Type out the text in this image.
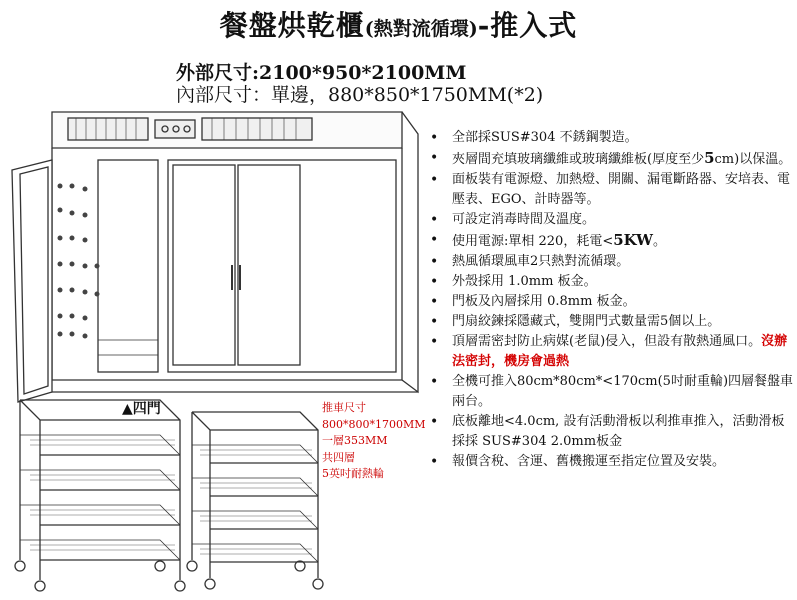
餐盤烘乾櫃(熱對流循環)-推入式
外部尺寸:2100*950*2100MM
內部尺寸：單邊，880*850*1750MM(*2)
▲四門	推車尺寸
800*800*1700MM
一層353MM
共四層
5英吋耐熱輪
• 全部採SUS#304 不銹鋼製造。
• 夾層間充填玻璃纖維或玻璃纖維板(厚度至少5cm)以保溫。
• 面板裝有電源燈、加熱燈、開關、漏電斷路器、安培表、電壓表、EGO、計時器等。
• 可設定消毒時間及溫度。
• 使用電源:單相 220，耗電<5KW。
• 熱風循環風車2只熱對流循環。
• 外殼採用 1.0mm 板金。
• 門板及內層採用 0.8mm 板金。
• 門扇絞鍊採隱藏式，雙開門式數量需5個以上。
• 頂層需密封防止病媒(老鼠)侵入，但設有散熱通風口。沒辦法密封，機房會過熱
• 全機可推入80cm*80cm*<170cm(5吋耐重輪)四層餐盤車兩台。
• 底板離地<4.0cm, 設有活動滑板以利推車推入，活動滑板採採 SUS#304 2.0mm板金
• 報價含稅、含運、舊機搬運至指定位置及安裝。
